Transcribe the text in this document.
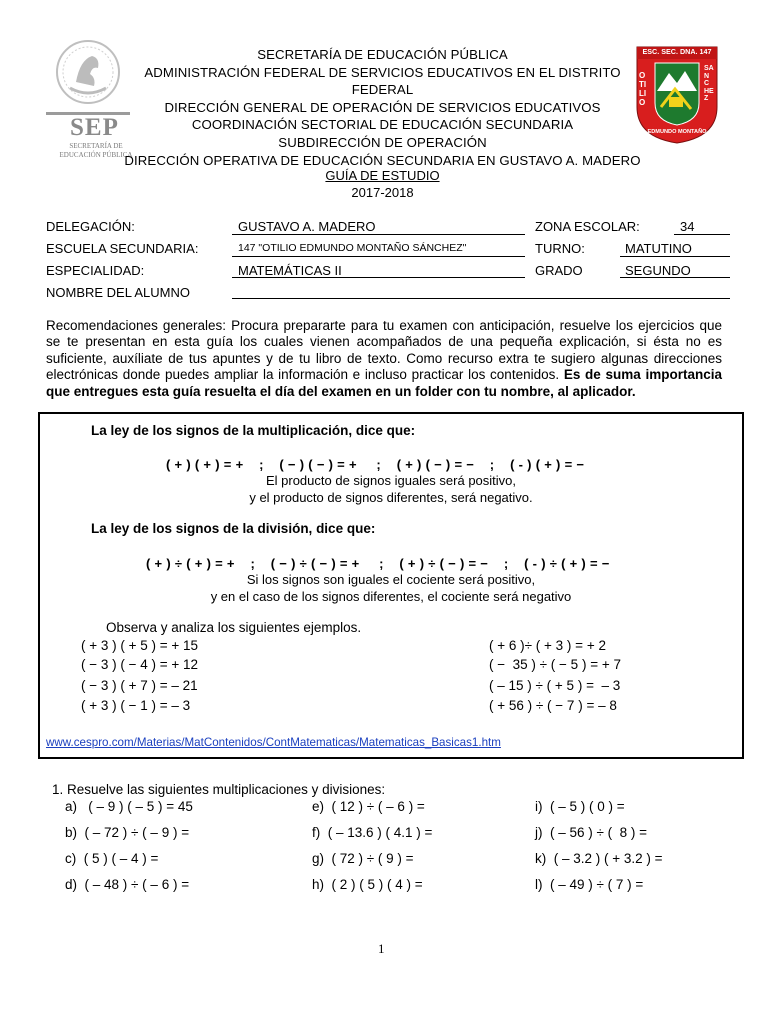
SEP
SECRETARÍA DE
EDUCACIÓN PÚBLICA
SECRETARÍA DE EDUCACIÓN PÚBLICA
ADMINISTRACIÓN FEDERAL DE SERVICIOS EDUCATIVOS EN EL DISTRITO FEDERAL
DIRECCIÓN GENERAL DE OPERACIÓN DE SERVICIOS EDUCATIVOS
COORDINACIÓN SECTORIAL DE EDUCACIÓN SECUNDARIA
SUBDIRECCIÓN DE OPERACIÓN
DIRECCIÓN OPERATIVA DE EDUCACIÓN SECUNDARIA EN GUSTAVO A. MADERO
ESC. SEC. DNA. 147
OTILIO
SANCHEZ
EDMUNDO MONTAÑO
GUÍA DE ESTUDIO
2017-2018
DELEGACIÓN:	GUSTAVO A. MADERO
ESCUELA SECUNDARIA:	147 "OTILIO EDMUNDO MONTAÑO SÁNCHEZ"
ESPECIALIDAD:	MATEMÁTICAS II
NOMBRE DEL ALUMNO
ZONA ESCOLAR:	34
TURNO:	MATUTINO
GRADO	SEGUNDO
Recomendaciones generales: Procura prepararte para tu examen con anticipación, resuelve los ejercicios que se te presentan en esta guía los cuales vienen acompañados de una pequeña explicación, si ésta no es suficiente, auxíliate de tus apuntes y de tu libro de texto. Como recurso extra te sugiero algunas direcciones electrónicas donde puedes ampliar la información e incluso practicar los contenidos. Es de suma importancia que entregues esta guía resuelta el día del examen en un folder con tu nombre, al aplicador.
La ley de los signos de la multiplicación, dice que:
( + ) ( + ) = +    ;    ( − ) ( − ) = +     ;    ( + ) ( − ) = −    ;    ( - ) ( + ) = −
El producto de signos iguales será positivo,
y el producto de signos diferentes, será negativo.
La ley de los signos de la división, dice que:
( + ) ÷ ( + ) = +    ;    ( − ) ÷ ( − ) = +     ;    ( + ) ÷ ( − ) = −    ;    ( - ) ÷ ( + ) = −
Si los signos son iguales el cociente será positivo,
y en el caso de los signos diferentes, el cociente será negativo
Observa y analiza los siguientes ejemplos.
( + 3 ) ( + 5 ) = + 15
( − 3 ) ( − 4 ) = + 12
( − 3 ) ( + 7 ) = – 21
( + 3 ) ( − 1 ) = – 3
( + 6 )÷ ( + 3 ) = + 2
( −  35 ) ÷ ( − 5 ) = + 7
( – 15 ) ÷ ( + 5 ) =  – 3
( + 56 ) ÷ ( − 7 ) = – 8
www.cespro.com/Materias/MatContenidos/ContMatematicas/Matematicas_Basicas1.htm
1. Resuelve las siguientes multiplicaciones y divisiones:
a)   ( – 9 ) ( – 5 ) = 45
b)  ( – 72 ) ÷ ( – 9 ) =
c)  ( 5 ) ( – 4 ) =
d)  ( – 48 ) ÷ ( – 6 ) =
e)  ( 12 ) ÷ ( – 6 ) =
f)  ( – 13.6 ) ( 4.1 ) =
g)  ( 72 ) ÷ ( 9 ) =
h)  ( 2 ) ( 5 ) ( 4 ) =
i)  ( – 5 ) ( 0 ) =
j)  ( – 56 ) ÷ (  8 ) =
k)  ( – 3.2 ) ( + 3.2 ) =
l)  ( – 49 ) ÷ ( 7 ) =
1
